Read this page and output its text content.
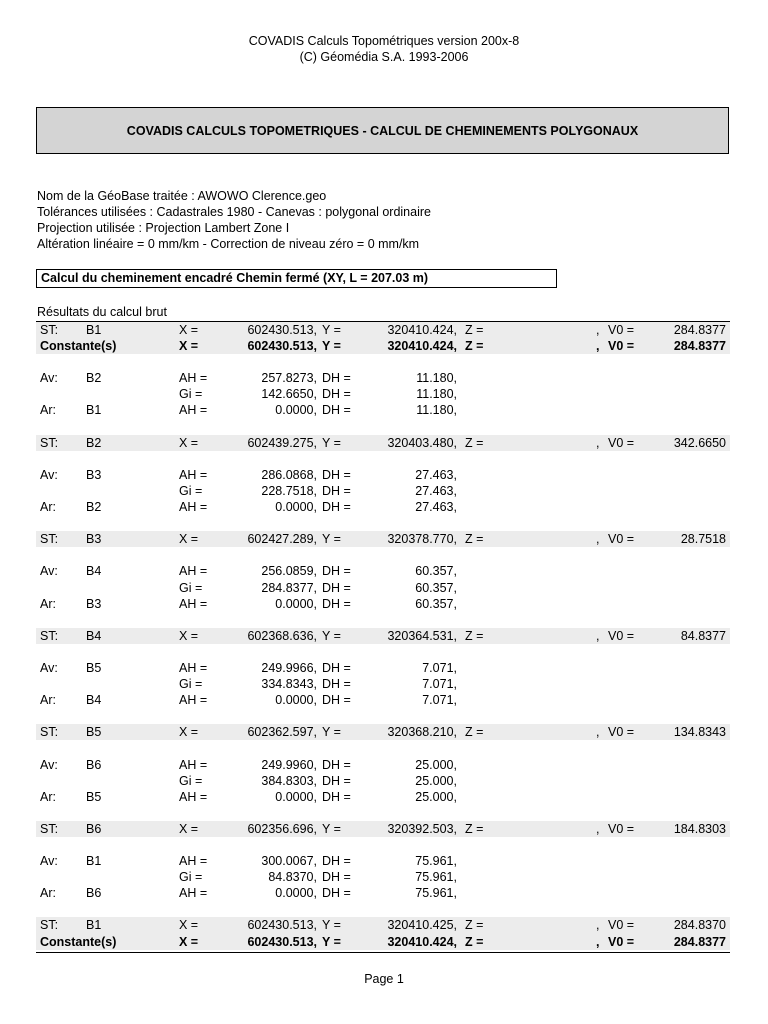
COVADIS Calculs Topométriques version 200x-8
(C) Géomédia S.A. 1993-2006
COVADIS CALCULS TOPOMETRIQUES - CALCUL DE CHEMINEMENTS POLYGONAUX
Nom de la GéoBase traitée : AWOWO Clerence.geo
Tolérances utilisées : Cadastrales 1980 - Canevas : polygonal ordinaire
Projection utilisée : Projection Lambert Zone I
Altération linéaire = 0 mm/km - Correction de niveau zéro = 0 mm/km
Calcul du cheminement encadré Chemin fermé (XY, L = 207.03 m)
Résultats du calcul brut
ST: B1	X =	602430.513, Y =	320410.424, Z =	, V0 =	284.8377
Constante(s)	X =	602430.513, Y =	320410.424, Z =	, V0 =	284.8377
Av: B2	AH =	257.8273, DH =	11.180,
Gi =	142.6650, DH =	11.180,
Ar: B1	AH =	0.0000, DH =	11.180,
ST: B2	X =	602439.275, Y =	320403.480, Z =	, V0 =	342.6650
Av: B3	AH =	286.0868, DH =	27.463,
Gi =	228.7518, DH =	27.463,
Ar: B2	AH =	0.0000, DH =	27.463,
ST: B3	X =	602427.289, Y =	320378.770, Z =	, V0 =	28.7518
Av: B4	AH =	256.0859, DH =	60.357,
Gi =	284.8377, DH =	60.357,
Ar: B3	AH =	0.0000, DH =	60.357,
ST: B4	X =	602368.636, Y =	320364.531, Z =	, V0 =	84.8377
Av: B5	AH =	249.9966, DH =	7.071,
Gi =	334.8343, DH =	7.071,
Ar: B4	AH =	0.0000, DH =	7.071,
ST: B5	X =	602362.597, Y =	320368.210, Z =	, V0 =	134.8343
Av: B6	AH =	249.9960, DH =	25.000,
Gi =	384.8303, DH =	25.000,
Ar: B5	AH =	0.0000, DH =	25.000,
ST: B6	X =	602356.696, Y =	320392.503, Z =	, V0 =	184.8303
Av: B1	AH =	300.0067, DH =	75.961,
Gi =	84.8370, DH =	75.961,
Ar: B6	AH =	0.0000, DH =	75.961,
ST: B1	X =	602430.513, Y =	320410.425, Z =	, V0 =	284.8370
Constante(s)	X =	602430.513, Y =	320410.424, Z =	, V0 =	284.8377
Page 1
